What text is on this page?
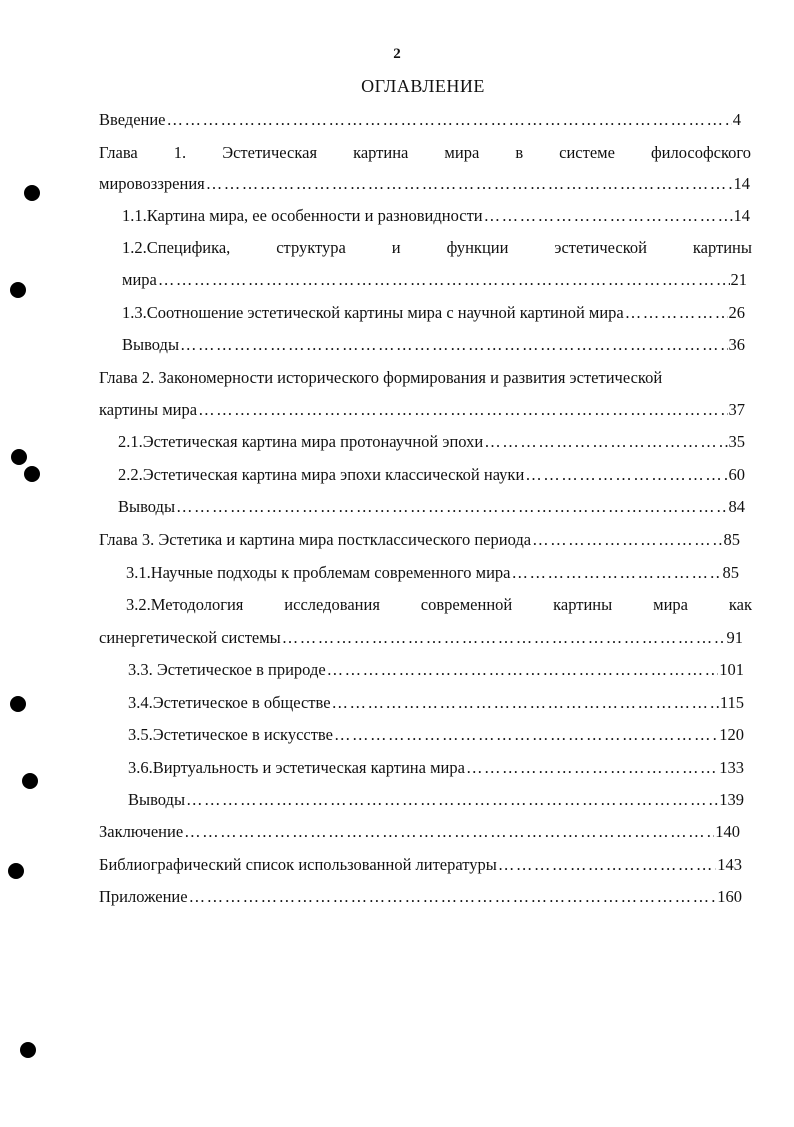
2
ОГЛАВЛЕНИЕ
Введение …………………………………………………………………………………………………………………………………………	4
Глава 1. Эстетическая картина мира в системе философского
мировоззрения …………………………………………………………………………………………………………………………………………	14
1.1.Картина мира, ее особенности и разновидности …………………………………………………………………………………………………………………………………………	14
1.2.Специфика,	структура	и	функции	эстетической	картины
мира …………………………………………………………………………………………………………………………………………	21
1.3.Соотношение эстетической картины мира с научной картиной мира …………………………………………………………………………………………………………………………………………	26
Выводы …………………………………………………………………………………………………………………………………………	36
Глава 2. Закономерности исторического формирования и развития эстетической
картины мира …………………………………………………………………………………………………………………………………………	37
2.1.Эстетическая картина мира протонаучной эпохи …………………………………………………………………………………………………………………………………………	35
2.2.Эстетическая картина мира эпохи классической науки …………………………………………………………………………………………………………………………………………	60
Выводы …………………………………………………………………………………………………………………………………………	84
Глава 3. Эстетика и картина мира постклассического периода …………………………………………………………………………………………………………………………………………	85
3.1.Научные подходы к проблемам современного мира …………………………………………………………………………………………………………………………………………	85
3.2.Методология исследования современной картины мира как
синергетической системы …………………………………………………………………………………………………………………………………………	91
3.3. Эстетическое в природе …………………………………………………………………………………………………………………………………………	101
3.4.Эстетическое в обществе …………………………………………………………………………………………………………………………………………	115
3.5.Эстетическое в искусстве …………………………………………………………………………………………………………………………………………	120
3.6.Виртуальность и эстетическая картина мира …………………………………………………………………………………………………………………………………………	133
Выводы …………………………………………………………………………………………………………………………………………	139
Заключение …………………………………………………………………………………………………………………………………………	140
Библиографический список использованной литературы …………………………………………………………………………………………………………………………………………	143
Приложение …………………………………………………………………………………………………………………………………………	160
